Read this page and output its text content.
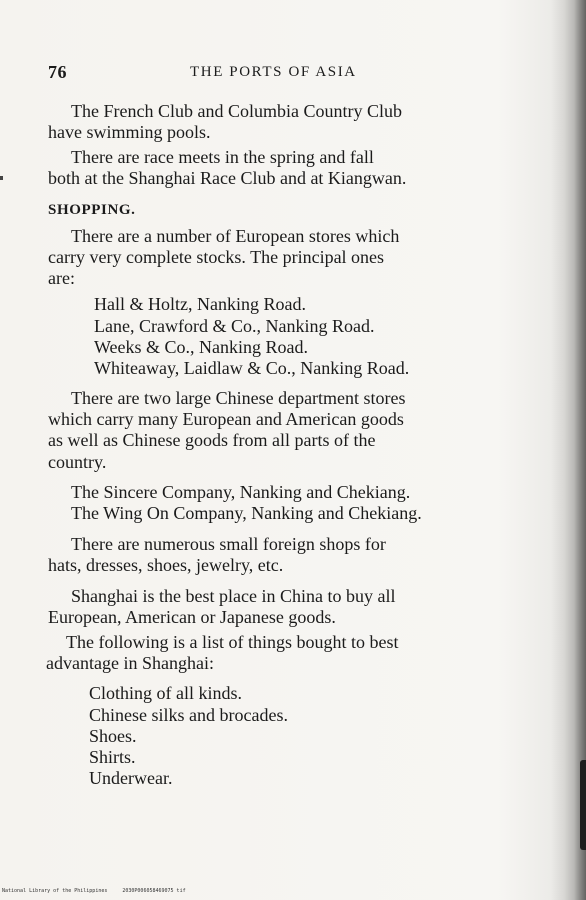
76	THE PORTS OF ASIA
The French Club and Columbia Country Club
have swimming pools.
There are race meets in the spring and fall
both at the Shanghai Race Club and at Kiangwan.
SHOPPING.
There are a number of European stores which
carry very complete stocks. The principal ones
are:
Hall & Holtz, Nanking Road.
Lane, Crawford & Co., Nanking Road.
Weeks & Co., Nanking Road.
Whiteaway, Laidlaw & Co., Nanking Road.
There are two large Chinese department stores
which carry many European and American goods
as well as Chinese goods from all parts of the
country.
The Sincere Company, Nanking and Chekiang.
The Wing On Company, Nanking and Chekiang.
There are numerous small foreign shops for
hats, dresses, shoes, jewelry, etc.
Shanghai is the best place in China to buy all
European, American or Japanese goods.
The following is a list of things bought to best
advantage in Shanghai:
Clothing of all kinds.
Chinese silks and brocades.
Shoes.
Shirts.
Underwear.
National Library of the Philippines	2030P006058469075 tif
